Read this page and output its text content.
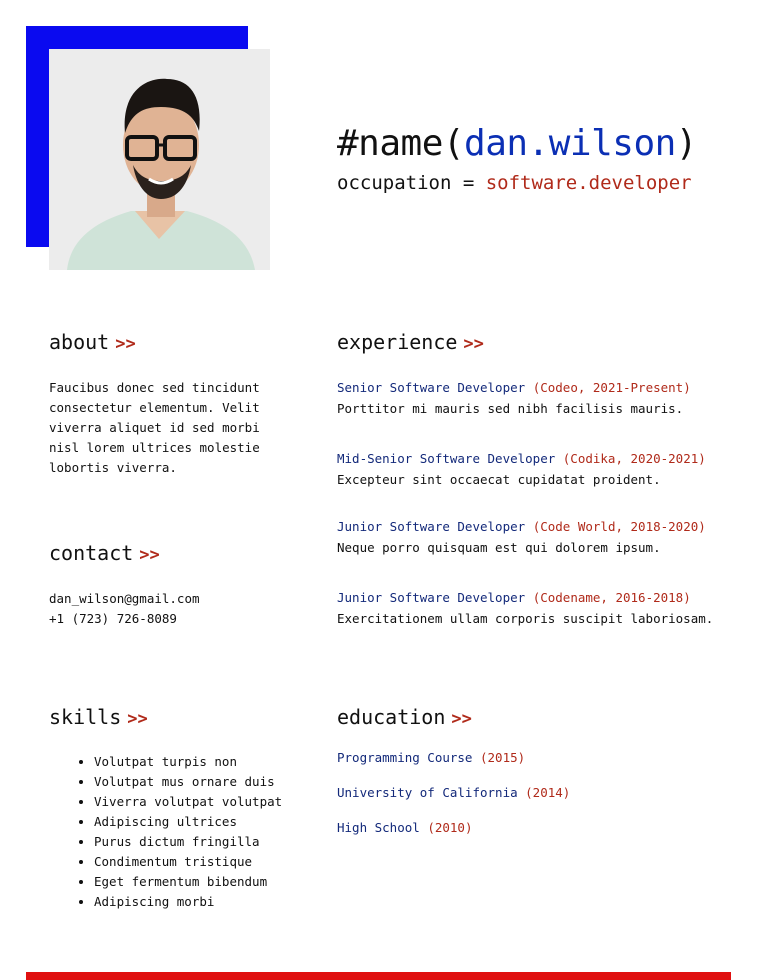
#name(dan.wilson)
occupation = software.developer
about >>
Faucibus donec sed tincidunt
consectetur elementum. Velit
viverra aliquet id sed morbi
nisl lorem ultrices molestie
lobortis viverra.
contact >>
dan_wilson@gmail.com
+1 (723) 726-8089
experience >>
Senior Software Developer (Codeo, 2021-Present)
Porttitor mi mauris sed nibh facilisis mauris.
Mid-Senior Software Developer (Codika, 2020-2021)
Excepteur sint occaecat cupidatat proident.
Junior Software Developer (Code World, 2018-2020)
Neque porro quisquam est qui dolorem ipsum.
Junior Software Developer (Codename, 2016-2018)
Exercitationem ullam corporis suscipit laboriosam.
skills >>
• Volutpat turpis non
• Volutpat mus ornare duis
• Viverra volutpat volutpat
• Adipiscing ultrices
• Purus dictum fringilla
• Condimentum tristique
• Eget fermentum bibendum
• Adipiscing morbi
education >>
Programming Course (2015)
University of California (2014)
High School (2010)
